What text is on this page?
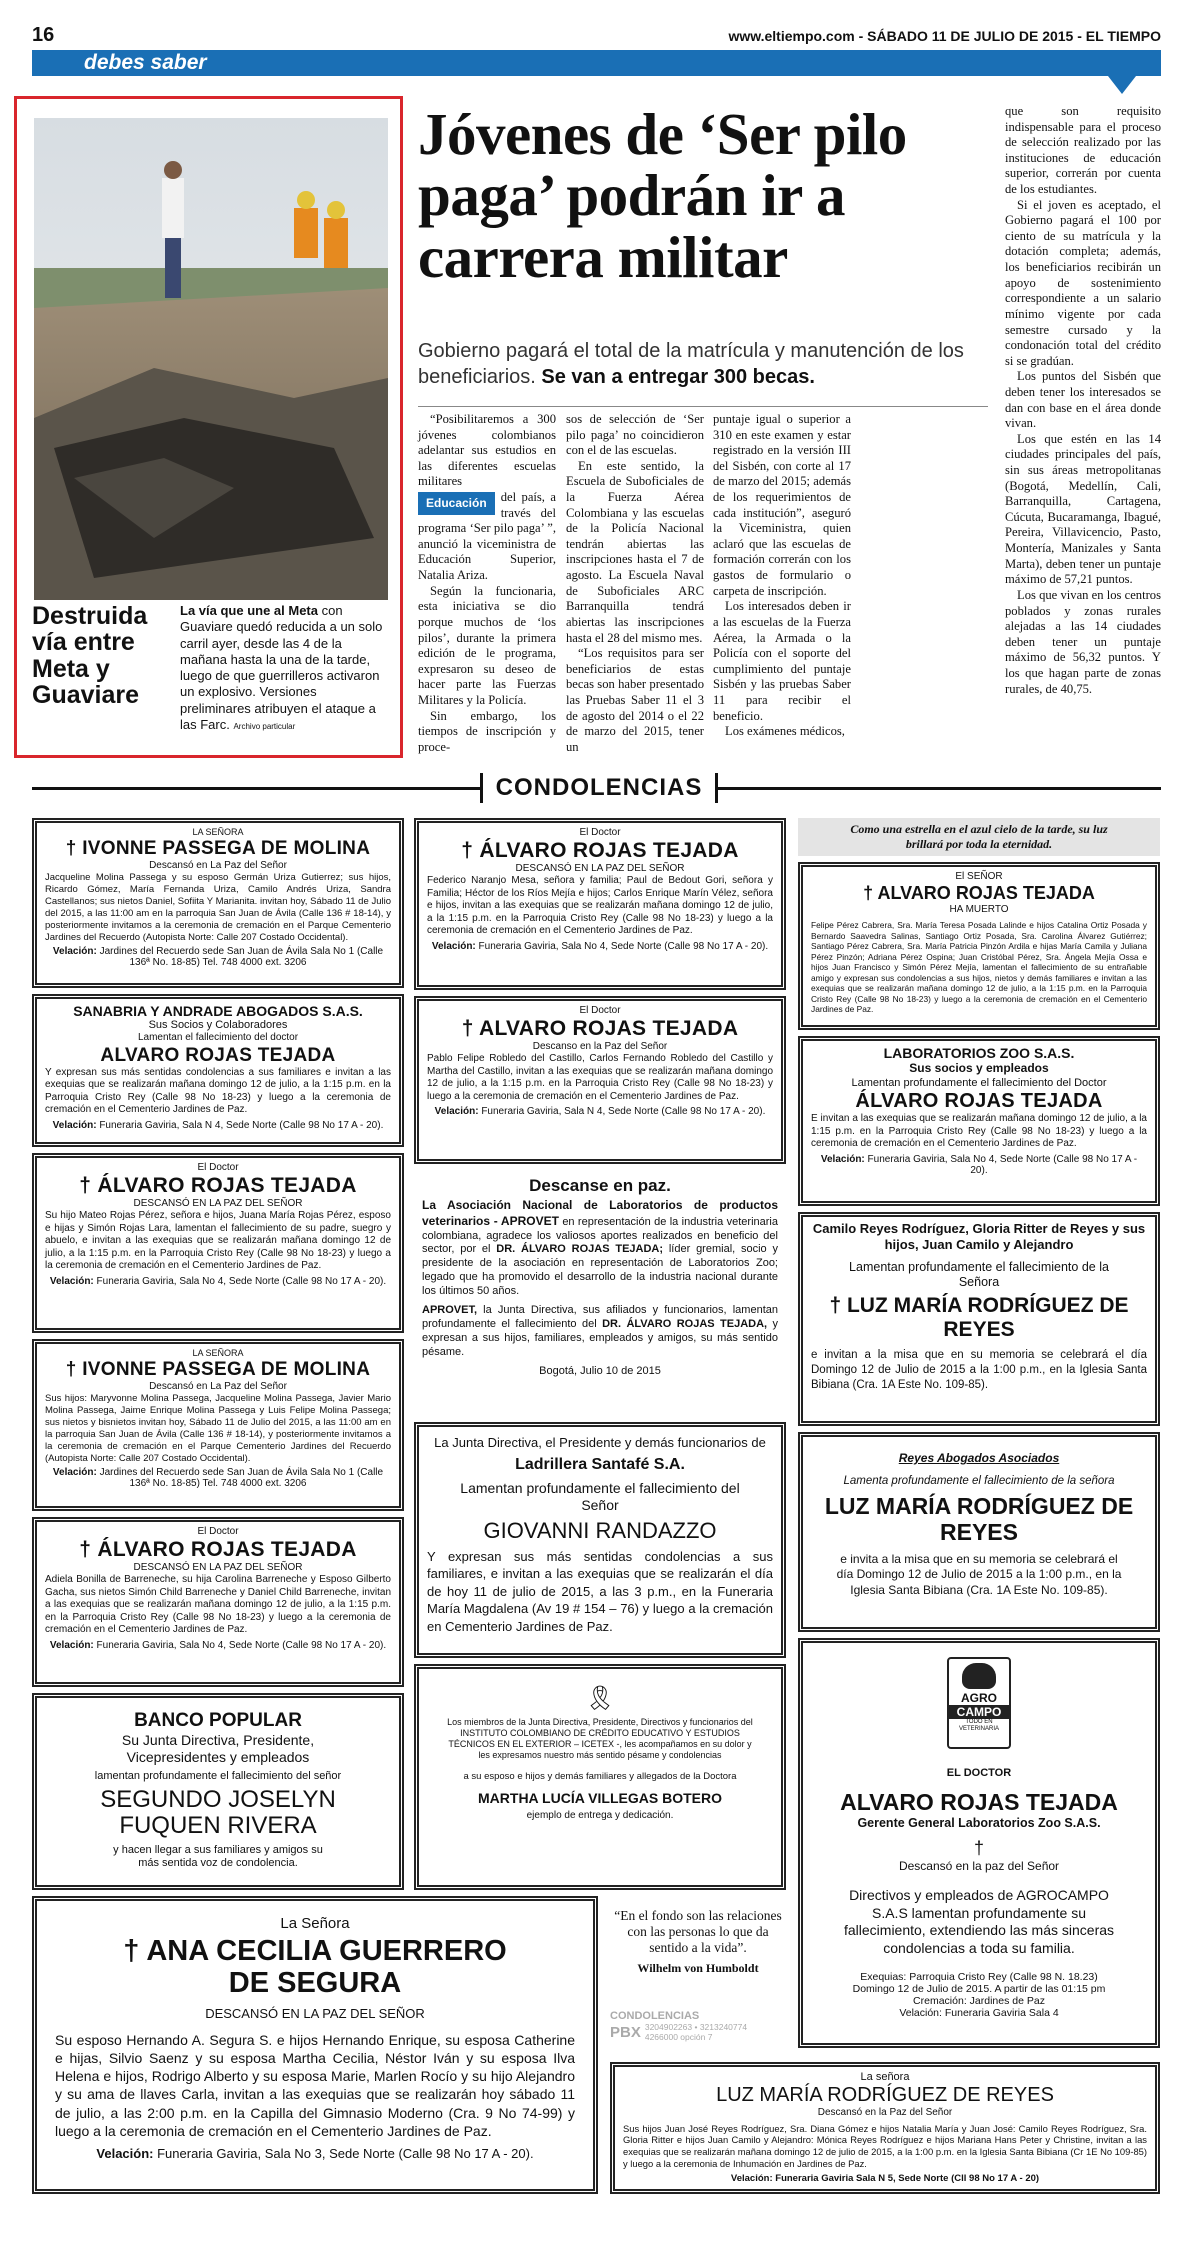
16	www.eltiempo.com - SÁBADO 11 DE JULIO DE 2015 - EL TIEMPO
debes saber
Destruida vía entre Meta y Guaviare
La vía que une al Meta con Guaviare quedó reducida a un solo carril ayer, desde las 4 de la mañana hasta la una de la tarde, luego de que guerrilleros activaron un explosivo. Versiones preliminares atribuyen el ataque a las Farc. Archivo particular
Jóvenes de ‘Ser pilo paga’ podrán ir a carrera militar
Gobierno pagará el total de la matrícula y manutención de los beneficiarios. Se van a entregar 300 becas.

“Posibilitaremos a 300 jóvenes colombianos adelantar sus estudios en las diferentes escuelas militares

Educación	del país, a través del programa ‘Ser pilo paga’ ”, anunció la viceministra de Educación Superior, Natalia Ariza.

Según la funcionaria, esta iniciativa se dio porque muchos de ‘los pilos’, durante la primera edición de le programa, expresaron su deseo de hacer parte las Fuerzas Militares y la Policía.

Sin embargo, los tiempos de inscripción y proce-

sos de selección de ‘Ser pilo paga’ no coincidieron con el de las escuelas.

En este sentido, la Escuela de Suboficiales de la Fuerza Aérea Colombiana y las escuelas de la Policía Nacional tendrán abiertas las inscripciones hasta el 7 de agosto. La Escuela Naval de Suboficiales ARC Barranquilla tendrá abiertas las inscripciones hasta el 28 del mismo mes.

“Los requisitos para ser beneficiarios de estas becas son haber presentado las Pruebas Saber 11 el 3 de agosto del 2014 o el 22 de marzo del 2015, tener un

puntaje igual o superior a 310 en este examen y estar registrado en la versión III del Sisbén, con corte al 17 de marzo del 2015; además de los requerimientos de cada institución”, aseguró la Viceministra, quien aclaró que las escuelas de formación correrán con los gastos de formulario o carpeta de inscripción.

Los interesados deben ir a las escuelas de la Fuerza Aérea, la Armada o la Policía con el soporte del cumplimiento del puntaje Sisbén y las pruebas Saber 11 para recibir el beneficio.

Los exámenes médicos,

que son requisito indispensable para el proceso de selección realizado por las instituciones de educación superior, correrán por cuenta de los estudiantes.

Si el joven es aceptado, el Gobierno pagará el 100 por ciento de su matrícula y la dotación completa; además, los beneficiarios recibirán un apoyo de sostenimiento correspondiente a un salario mínimo vigente por cada semestre cursado y la condonación total del crédito si se gradúan.

Los puntos del Sisbén que deben tener los interesados se dan con base en el área donde vivan.

Los que estén en las 14 ciudades principales del país, sin sus áreas metropolitanas (Bogotá, Medellín, Cali, Barranquilla, Cartagena, Cúcuta, Bucaramanga, Ibagué, Pereira, Villavicencio, Pasto, Montería, Manizales y Santa Marta), deben tener un puntaje máximo de 57,21 puntos.

Los que vivan en los centros poblados y zonas rurales alejadas a las 14 ciudades deben tener un puntaje máximo de 56,32 puntos. Y los que hagan parte de zonas rurales, de 40,75.

CONDOLENCIAS
LA SEÑORA
† IVONNE PASSEGA DE MOLINA
Descansó en La Paz del Señor
Jacqueline Molina Passega y su esposo Germán Uriza Gutierrez; sus hijos, Ricardo Gómez, María Fernanda Uriza, Camilo Andrés Uriza, Sandra Castellanos; sus nietos Daniel, Sofiita Y Marianita. invitan hoy, Sábado 11 de Julio del 2015, a las 11:00 am en la parroquia San Juan de Ávila (Calle 136 # 18-14), y posteriormente invitamos a la ceremonia de cremación en el Parque Cementerio Jardines del Recuerdo (Autopista Norte: Calle 207 Costado Occidental).
Velación: Jardines del Recuerdo sede San Juan de Ávila Sala No 1 (Calle 136ª No. 18-85) Tel. 748 4000 ext. 3206
SANABRIA Y ANDRADE ABOGADOS S.A.S.
Sus Socios y Colaboradores
Lamentan el fallecimiento del doctor
ALVARO ROJAS TEJADA
Y expresan sus más sentidas condolencias a sus familiares e invitan a las exequias que se realizarán mañana domingo 12 de julio, a la 1:15 p.m. en la Parroquia Cristo Rey (Calle 98 No 18-23) y luego a la ceremonia de cremación en el Cementerio Jardines de Paz.
Velación: Funeraria Gaviria, Sala N 4, Sede Norte (Calle 98 No 17 A - 20).
El Doctor
† ÁLVARO ROJAS TEJADA
DESCANSÓ EN LA PAZ DEL SEÑOR
Su hijo Mateo Rojas Pérez, señora e hijos, Juana María Rojas Pérez, esposo e hijas y Simón Rojas Lara, lamentan el fallecimiento de su padre, suegro y abuelo, e invitan a las exequias que se realizarán mañana domingo 12 de julio, a la 1:15 p.m. en la Parroquia Cristo Rey (Calle 98 No 18-23) y luego a la ceremonia de cremación en el Cementerio Jardines de Paz.
Velación: Funeraria Gaviria, Sala No 4, Sede Norte (Calle 98 No 17 A - 20).
LA SEÑORA
† IVONNE PASSEGA DE MOLINA
Descansó en La Paz del Señor
Sus hijos: Maryvonne Molina Passega, Jacqueline Molina Passega, Javier Mario Molina Passega, Jaime Enrique Molina Passega y Luis Felipe Molina Passega; sus nietos y bisnietos invitan hoy, Sábado 11 de Julio del 2015, a las 11:00 am en la parroquia San Juan de Ávila (Calle 136 # 18-14), y posteriormente invitamos a la ceremonia de cremación en el Parque Cementerio Jardines del Recuerdo (Autopista Norte: Calle 207 Costado Occidental).
Velación: Jardines del Recuerdo sede San Juan de Ávila Sala No 1 (Calle 136ª No. 18-85) Tel. 748 4000 ext. 3206
El Doctor
† ÁLVARO ROJAS TEJADA
DESCANSÓ EN LA PAZ DEL SEÑOR
Adiela Bonilla de Barreneche, su hija Carolina Barreneche y Esposo Gilberto Gacha, sus nietos Simón Child Barreneche y Daniel Child Barreneche, invitan a las exequias que se realizarán mañana domingo 12 de julio, a la 1:15 p.m. en la Parroquia Cristo Rey (Calle 98 No 18-23) y luego a la ceremonia de cremación en el Cementerio Jardines de Paz.
Velación: Funeraria Gaviria, Sala No 4, Sede Norte (Calle 98 No 17 A - 20).
BANCO POPULAR
Su Junta Directiva, Presidente, Vicepresidentes y empleados
lamentan profundamente el fallecimiento del señor
SEGUNDO JOSELYN FUQUEN RIVERA
y hacen llegar a sus familiares y amigos su más sentida voz de condolencia.
El Doctor
† ÁLVARO ROJAS TEJADA
DESCANSÓ EN LA PAZ DEL SEÑOR
Federico Naranjo Mesa, señora y familia; Paul de Bedout Gori, señora y Familia; Héctor de los Ríos Mejía e hijos; Carlos Enrique Marín Vélez, señora e hijos, invitan a las exequias que se realizarán mañana domingo 12 de julio, a la 1:15 p.m. en la Parroquia Cristo Rey (Calle 98 No 18-23) y luego a la ceremonia de cremación en el Cementerio Jardines de Paz.
Velación: Funeraria Gaviria, Sala No 4, Sede Norte (Calle 98 No 17 A - 20).
El Doctor
† ALVARO ROJAS TEJADA
Descanso en la Paz del Señor
Pablo Felipe Robledo del Castillo, Carlos Fernando Robledo del Castillo y Martha del Castillo, invitan a las exequias que se realizarán mañana domingo 12 de julio, a la 1:15 p.m. en la Parroquia Cristo Rey (Calle 98 No 18-23) y luego a la ceremonia de cremación en el Cementerio Jardines de Paz.
Velación: Funeraria Gaviria, Sala N 4, Sede Norte (Calle 98 No 17 A - 20).
Descanse en paz.
La Asociación Nacional de Laboratorios de productos veterinarios - APROVET en representación de la industria veterinaria colombiana, agradece los valiosos aportes realizados en beneficio del sector, por el DR. ÁLVARO ROJAS TEJADA; líder gremial, socio y presidente de la asociación en representación de Laboratorios Zoo; legado que ha promovido el desarrollo de la industria nacional durante los últimos 50 años.
APROVET, la Junta Directiva, sus afiliados y funcionarios, lamentan profundamente el fallecimiento del DR. ÁLVARO ROJAS TEJADA, y expresan a sus hijos, familiares, empleados y amigos, su más sentido pésame.
Bogotá, Julio 10 de 2015
La Junta Directiva, el Presidente y demás funcionarios de
Ladrillera Santafé S.A.
Lamentan profundamente el fallecimiento del Señor
GIOVANNI RANDAZZO
Y expresan sus más sentidas condolencias a sus familiares, e invitan a las exequias que se realizarán el día de hoy 11 de julio de 2015, a las 3 p.m., en la Funeraria María Magdalena (Av 19 # 154 – 76) y luego a la cremación en Cementerio Jardines de Paz.
🎗
Los miembros de la Junta Directiva, Presidente, Directivos y funcionarios del INSTITUTO COLOMBIANO DE CRÉDITO EDUCATIVO Y ESTUDIOS TÉCNICOS EN EL EXTERIOR – ICETEX -, les acompañamos en su dolor y les expresamos nuestro más sentido pésame y condolencias
a su esposo e hijos y demás familiares y allegados de la Doctora
MARTHA LUCÍA VILLEGAS BOTERO
ejemplo de entrega y dedicación.
Como una estrella en el azul cielo de la tarde, su luz brillará por toda la eternidad.
El SEÑOR
† ALVARO ROJAS TEJADA
HA MUERTO
Felipe Pérez Cabrera, Sra. María Teresa Posada Lalinde e hijos Catalina Ortiz Posada y Bernardo Saavedra Salinas, Santiago Ortiz Posada, Sra. Carolina Álvarez Gutiérrez; Santiago Pérez Cabrera, Sra. María Patricia Pinzón Ardila e hijas María Camila y Juliana Pérez Pinzón; Adriana Pérez Ospina; Juan Cristóbal Pérez, Sra. Ángela Mejía Ossa e hijos Juan Francisco y Simón Pérez Mejía, lamentan el fallecimiento de su entrañable amigo y expresan sus condolencias a sus hijos, nietos y demás familiares e invitan a las exequias que se realizarán mañana domingo 12 de julio, a la 1:15 p.m. en la Parroquia Cristo Rey (Calle 98 No 18-23) y luego a la ceremonia de cremación en el Cementerio Jardines de Paz.
LABORATORIOS ZOO S.A.S.
Sus socios y empleados
Lamentan profundamente el fallecimiento del Doctor
ÁLVARO ROJAS TEJADA
E invitan a las exequias que se realizarán mañana domingo 12 de julio, a la 1:15 p.m. en la Parroquia Cristo Rey (Calle 98 No 18-23) y luego a la ceremonia de cremación en el Cementerio Jardines de Paz.
Velación: Funeraria Gaviria, Sala No 4, Sede Norte (Calle 98 No 17 A - 20).
Camilo Reyes Rodríguez, Gloria Ritter de Reyes y sus hijos, Juan Camilo y Alejandro
Lamentan profundamente el fallecimiento de la Señora
† LUZ MARÍA RODRÍGUEZ DE REYES
e invitan a la misa que en su memoria se celebrará el día Domingo 12 de Julio de 2015 a la 1:00 p.m., en la Iglesia Santa Bibiana (Cra. 1A Este No. 109-85).
Reyes Abogados Asociados
Lamenta profundamente el fallecimiento de la señora
LUZ MARÍA RODRÍGUEZ DE REYES
e invita a la misa que en su memoria se celebrará el día Domingo 12 de Julio de 2015 a la 1:00 p.m., en la Iglesia Santa Bibiana (Cra. 1A Este No. 109-85).
AGRO
CAMPO
TODO EN VETERINARIA
EL DOCTOR
ALVARO ROJAS TEJADA
Gerente General Laboratorios Zoo S.A.S.
†
Descansó en la paz del Señor
Directivos y empleados de AGROCAMPO S.A.S lamentan profundamente su fallecimiento, extendiendo las más sinceras condolencias a toda su familia.
Exequias: Parroquia Cristo Rey (Calle 98 N. 18.23)
Domingo 12 de Julio de 2015. A partir de las 01:15 pm
Cremación: Jardines de Paz
Velación: Funeraria Gaviria Sala 4
La Señora
† ANA CECILIA GUERRERO DE SEGURA
DESCANSÓ EN LA PAZ DEL SEÑOR
Su esposo Hernando A. Segura S. e hijos Hernando Enrique, su esposa Catherine e hijas, Silvio Saenz y su esposa Martha Cecilia, Néstor Iván y su esposa Ilva Helena e hijos, Rodrigo Alberto y su esposa Marie, Marlen Rocío y su hijo Alejandro y su ama de llaves Carla, invitan a las exequias que se realizarán hoy sábado 11 de julio, a las 2:00 p.m. en la Capilla del Gimnasio Moderno (Cra. 9 No 74-99) y luego a la ceremonia de cremación en el Cementerio Jardines de Paz.
Velación: Funeraria Gaviria, Sala No 3, Sede Norte (Calle 98 No 17 A - 20).
“En el fondo son las relaciones con las personas lo que da sentido a la vida”.
Wilhelm von Humboldt
CONDOLENCIAS
PBX 3204902263 • 3213240774
4266000 opción 7
La señora
LUZ MARÍA RODRÍGUEZ DE REYES
Descansó en la Paz del Señor
Sus hijos Juan José Reyes Rodríguez, Sra. Diana Gómez e hijos Natalia María y Juan José: Camilo Reyes Rodríguez, Sra. Gloria Ritter e hijos Juan Camilo y Alejandro: Mónica Reyes Rodríguez e hijos Mariana Hans Peter y Christine, invitan a las exequias que se realizarán mañana domingo 12 de julio de 2015, a la 1:00 p.m. en la Iglesia Santa Bibiana (Cr 1E No 109-85) y luego a la ceremonia de Inhumación en Jardines de Paz.
Velación: Funeraria Gaviria Sala N 5, Sede Norte (Cll 98 No 17 A - 20)
